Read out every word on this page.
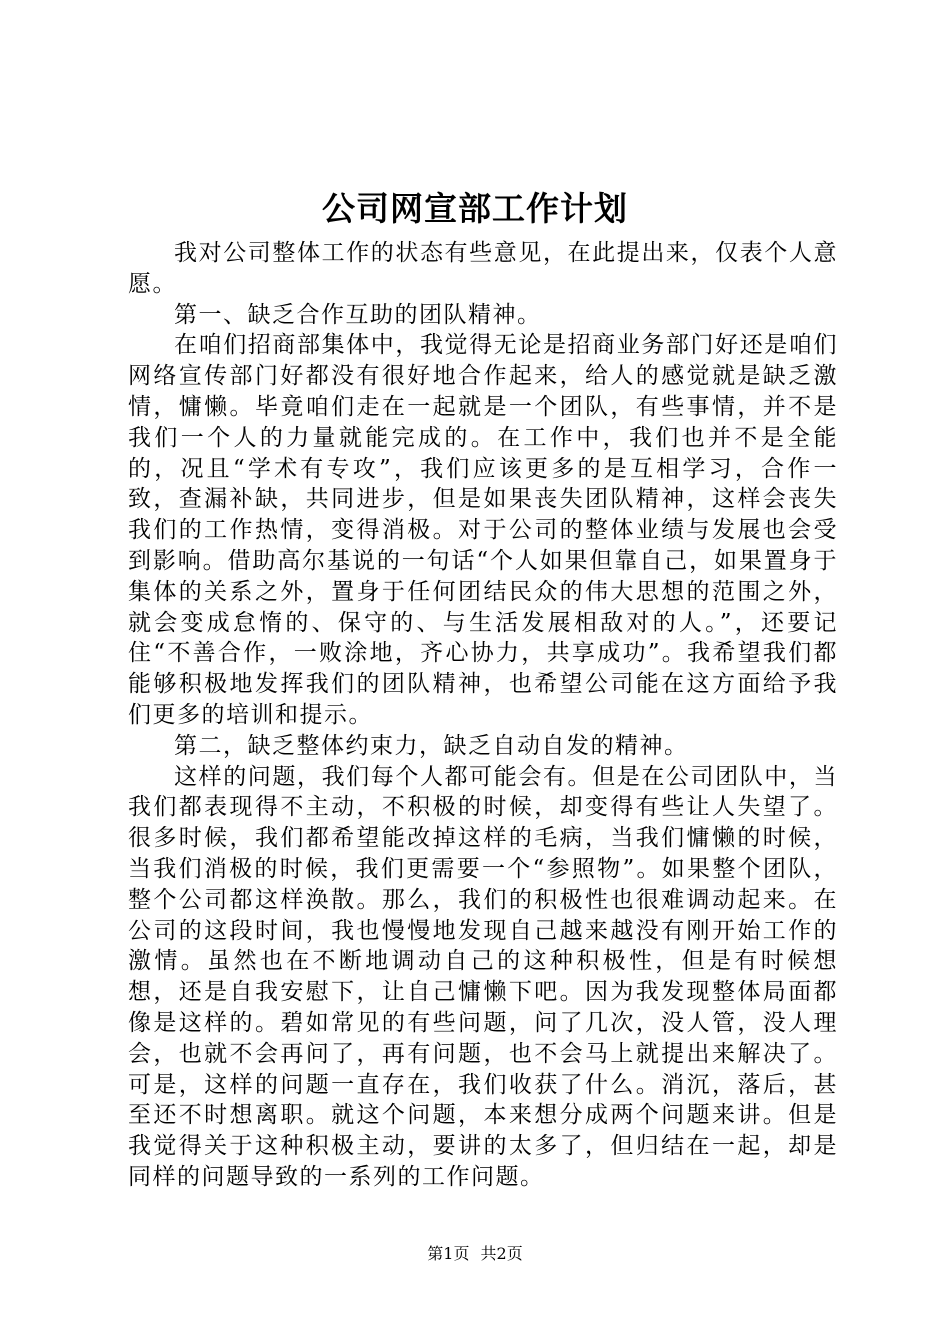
公司网宣部工作计划

我对公司整体工作的状态有些意见，在此提出来，仅表个人意愿。

第一、缺乏合作互助的团队精神。

在咱们招商部集体中，我觉得无论是招商业务部门好还是咱们网络宣传部门好都没有很好地合作起来，给人的感觉就是缺乏激情，慵懒。毕竟咱们走在一起就是一个团队，有些事情，并不是我们一个人的力量就能完成的。在工作中，我们也并不是全能的，况且“学术有专攻”，我们应该更多的是互相学习，合作一致，查漏补缺，共同进步，但是如果丧失团队精神，这样会丧失我们的工作热情，变得消极。对于公司的整体业绩与发展也会受到影响。借助高尔基说的一句话“个人如果但靠自己，如果置身于集体的关系之外，置身于任何团结民众的伟大思想的范围之外，就会变成怠惰的、保守的、与生活发展相敌对的人。”，还要记住“不善合作，一败涂地，齐心协力，共享成功”。我希望我们都能够积极地发挥我们的团队精神，也希望公司能在这方面给予我们更多的培训和提示。

第二，缺乏整体约束力，缺乏自动自发的精神。

这样的问题，我们每个人都可能会有。但是在公司团队中，当我们都表现得不主动，不积极的时候，却变得有些让人失望了。很多时候，我们都希望能改掉这样的毛病，当我们慵懒的时候，当我们消极的时候，我们更需要一个“参照物”。如果整个团队，整个公司都这样涣散。那么，我们的积极性也很难调动起来。在公司的这段时间，我也慢慢地发现自己越来越没有刚开始工作的激情。虽然也在不断地调动自己的这种积极性，但是有时候想想，还是自我安慰下，让自己慵懒下吧。因为我发现整体局面都像是这样的。碧如常见的有些问题，问了几次，没人管，没人理会，也就不会再问了，再有问题，也不会马上就提出来解决了。可是，这样的问题一直存在，我们收获了什么。消沉，落后，甚至还不时想离职。就这个问题，本来想分成两个问题来讲。但是我觉得关于这种积极主动，要讲的太多了，但归结在一起，却是同样的问题导致的一系列的工作问题。

第1页 共2页
